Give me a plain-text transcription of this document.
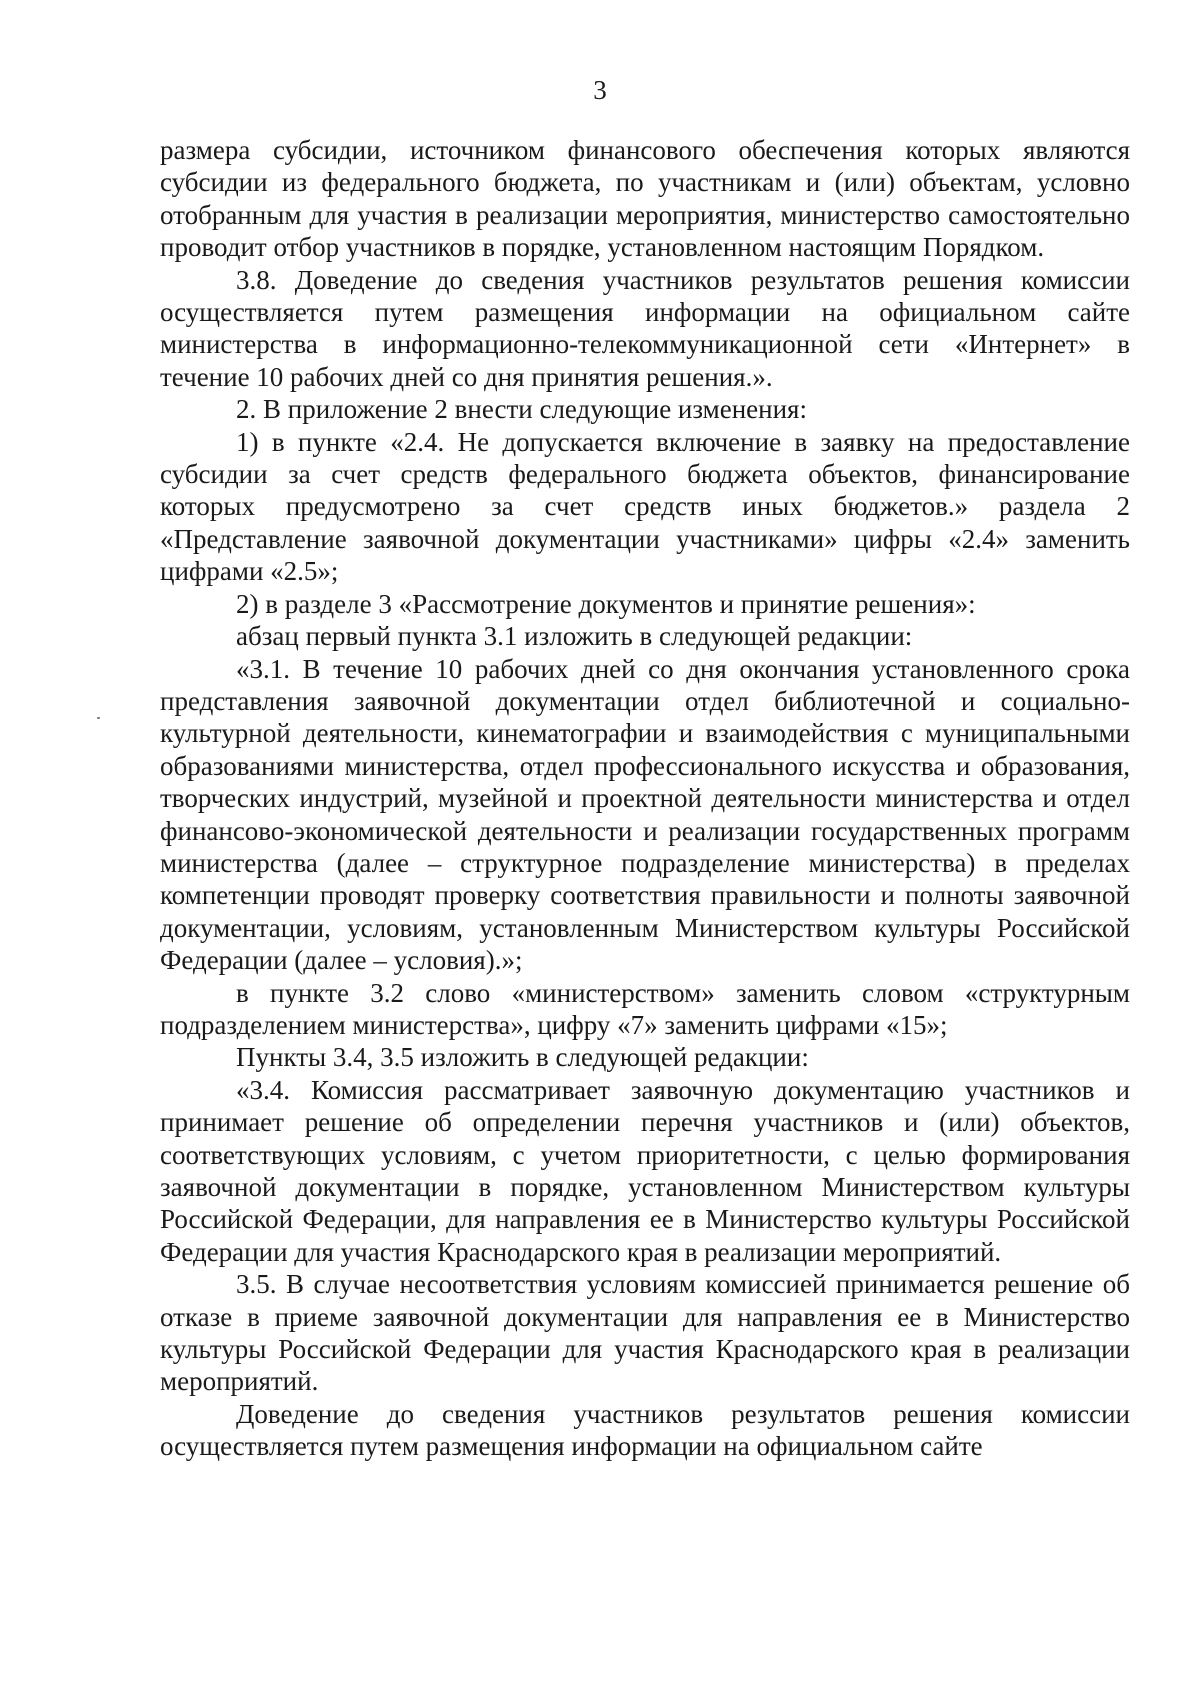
3

размера субсидии, источником финансового обеспечения которых являются субсидии из федерального бюджета, по участникам и (или) объектам, условно отобранным для участия в реализации мероприятия, министерство самостоятельно проводит отбор участников в порядке, установленном настоящим Порядком.

3.8. Доведение до сведения участников результатов решения комиссии осуществляется путем размещения информации на официальном сайте министерства в информационно-телекоммуникационной сети «Интернет» в течение 10 рабочих дней со дня принятия решения.».

2. В приложение 2 внести следующие изменения:

1) в пункте «2.4. Не допускается включение в заявку на предоставление субсидии за счет средств федерального бюджета объектов, финансирование которых предусмотрено за счет средств иных бюджетов.» раздела 2 «Представление заявочной документации участниками» цифры «2.4» заменить цифрами «2.5»;

2) в разделе 3 «Рассмотрение документов и принятие решения»:

абзац первый пункта 3.1 изложить в следующей редакции:

«3.1. В течение 10 рабочих дней со дня окончания установленного срока представления заявочной документации отдел библиотечной и социально-культурной деятельности, кинематографии и взаимодействия с муниципальными образованиями министерства, отдел профессионального искусства и образования, творческих индустрий, музейной и проектной деятельности министерства и отдел финансово-экономической деятельности и реализации государственных программ министерства (далее – структурное подразделение министерства) в пределах компетенции проводят проверку соответствия правильности и полноты заявочной документации, условиям, установленным Министерством культуры Российской Федерации (далее – условия).»;

в пункте 3.2 слово «министерством» заменить словом «структурным подразделением министерства», цифру «7» заменить цифрами «15»;

Пункты 3.4, 3.5 изложить в следующей редакции:

«3.4. Комиссия рассматривает заявочную документацию участников и принимает решение об определении перечня участников и (или) объектов, соответствующих условиям, с учетом приоритетности, с целью формирования заявочной документации в порядке, установленном Министерством культуры Российской Федерации, для направления ее в Министерство культуры Российской Федерации для участия Краснодарского края в реализации мероприятий.

3.5. В случае несоответствия условиям комиссией принимается решение об отказе в приеме заявочной документации для направления ее в Министерство культуры Российской Федерации для участия Краснодарского края в реализации мероприятий.

Доведение до сведения участников результатов решения комиссии осуществляется путем размещения информации на официальном сайте
